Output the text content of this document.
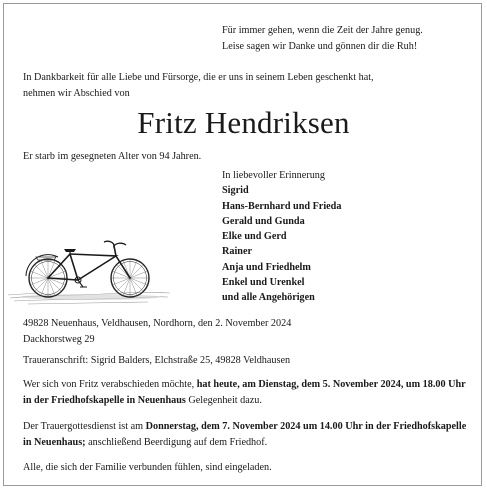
Für immer gehen, wenn die Zeit der Jahre genug.
Leise sagen wir Danke und gönnen dir die Ruh!
In Dankbarkeit für alle Liebe und Fürsorge, die er uns in seinem Leben geschenkt hat,
nehmen wir Abschied von
Fritz Hendriksen
Er starb im gesegneten Alter von 94 Jahren.
In liebevoller Erinnerung
Sigrid
Hans-Bernhard und Frieda
Gerald und Gunda
Elke und Gerd
Rainer
Anja und Friedhelm
Enkel und Urenkel
und alle Angehörigen
49828 Neuenhaus, Veldhausen, Nordhorn, den 2. November 2024
Dackhorstweg 29
Traueranschrift: Sigrid Balders, Elchstraße 25, 49828 Veldhausen
Wer sich von Fritz verabschieden möchte, hat heute, am Dienstag, dem 5. November 2024, um 18.00 Uhr in der Friedhofskapelle in Neuenhaus Gelegenheit dazu.
Der Trauergottesdienst ist am Donnerstag, dem 7. November 2024 um 14.00 Uhr in der Friedhofskapelle in Neuenhaus; anschließend Beerdigung auf dem Friedhof.
Alle, die sich der Familie verbunden fühlen, sind eingeladen.
